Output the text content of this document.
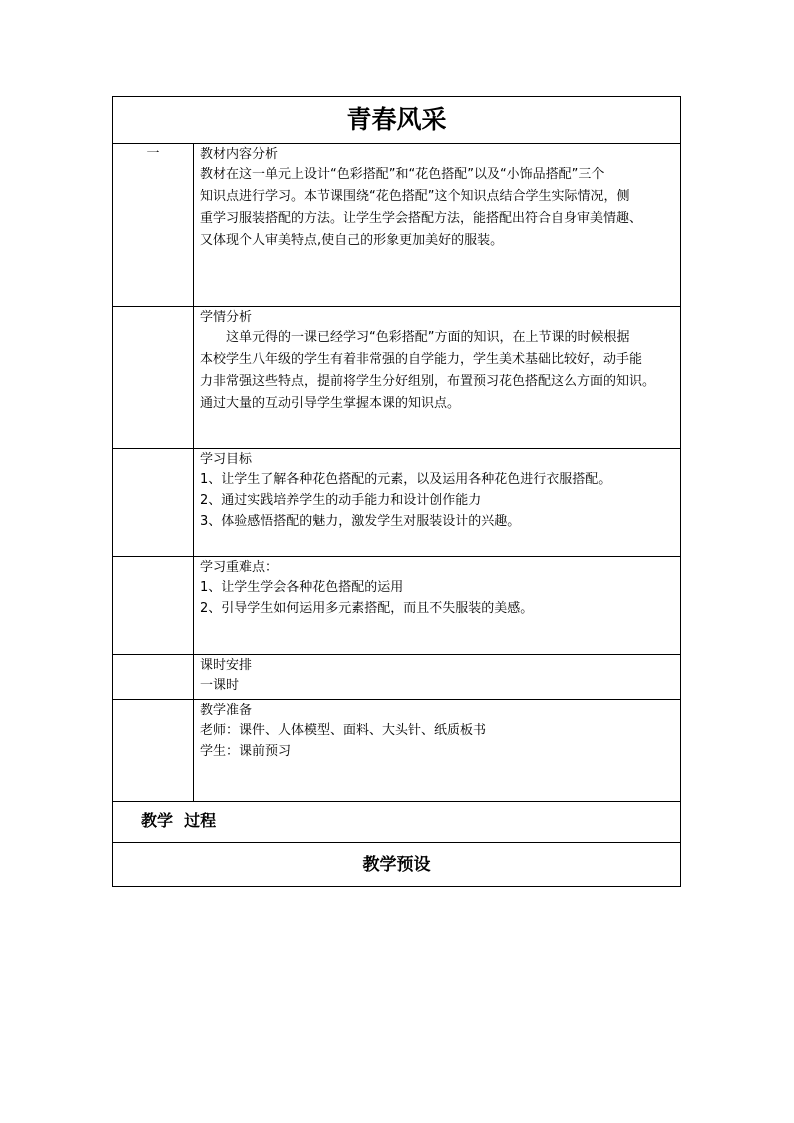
青春风采
一	教材内容分析

教材在这一单元上设计“色彩搭配”和“花色搭配”以及“小饰品搭配”三个

知识点进行学习。本节课围绕“花色搭配”这个知识点结合学生实际情况，侧

重学习服装搭配的方法。让学生学会搭配方法，能搭配出符合自身审美情趣、

又体现个人审美特点,使自己的形象更加美好的服装。

学情分析

这单元得的一课已经学习“色彩搭配”方面的知识，在上节课的时候根据

本校学生八年级的学生有着非常强的自学能力，学生美术基础比较好，动手能

力非常强这些特点，提前将学生分好组别，布置预习花色搭配这么方面的知识。

通过大量的互动引导学生掌握本课的知识点。

学习目标

1、让学生了解各种花色搭配的元素，以及运用各种花色进行衣服搭配。

2、通过实践培养学生的动手能力和设计创作能力

3、体验感悟搭配的魅力，激发学生对服装设计的兴趣。

学习重难点：

1、让学生学会各种花色搭配的运用

2、引导学生如何运用多元素搭配，而且不失服装的美感。

课时安排

一课时

教学准备

老师：课件、人体模型、面料、大头针、纸质板书

学生：课前预习

教学  过程
教学预设
